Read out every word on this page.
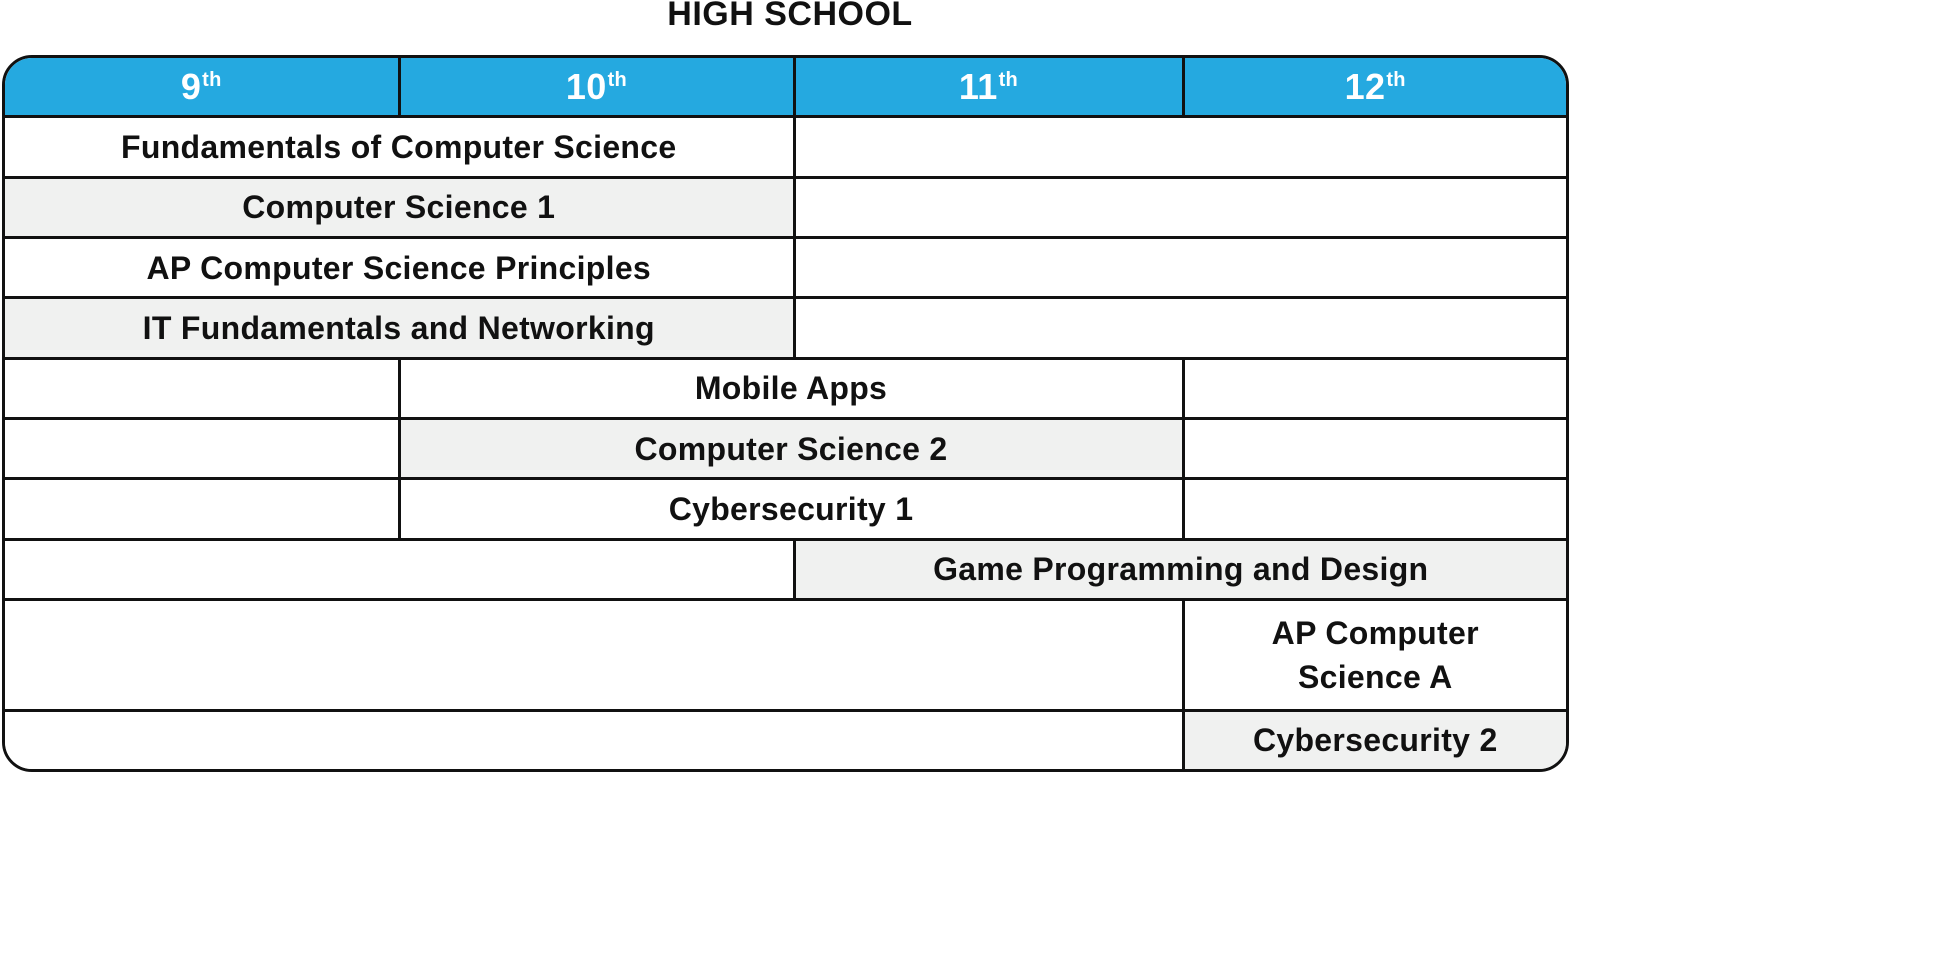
HIGH SCHOOL
9th	10th	11th	12th
Fundamentals of Computer Science			
Computer Science 1			
AP Computer Science Principles			
IT Fundamentals and Networking			
	Mobile Apps		
	Computer Science 2		
	Cybersecurity 1		
		Game Programming and Design	
			AP Computer
Science A
			Cybersecurity 2
